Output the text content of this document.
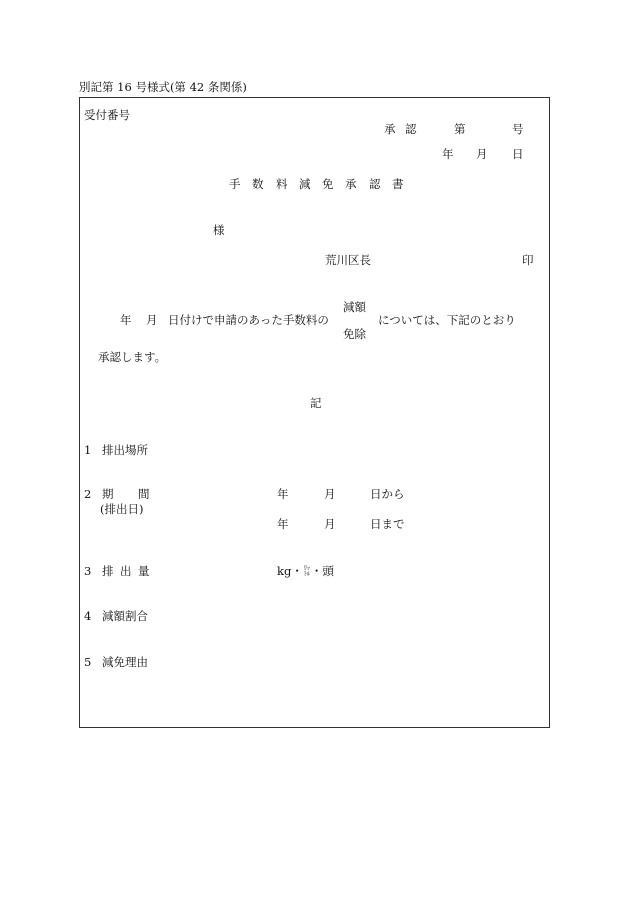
別記第 16 号様式(第 42 条関係)
受付番号
承 認	第	号
年 月 日
手 数 料 減 免 承 認 書
様
荒川区長	印
年 月 日付けで申請のあった手数料の
減額
免除
については、下記のとおり
承認します。
記
1 排出場所
2 期 間
(排出日)
年	月	日から
年	月	日まで
3 排 出 量	kg・ﾘｯ
ﾄﾙ・頭
4 減額割合
5 減免理由
